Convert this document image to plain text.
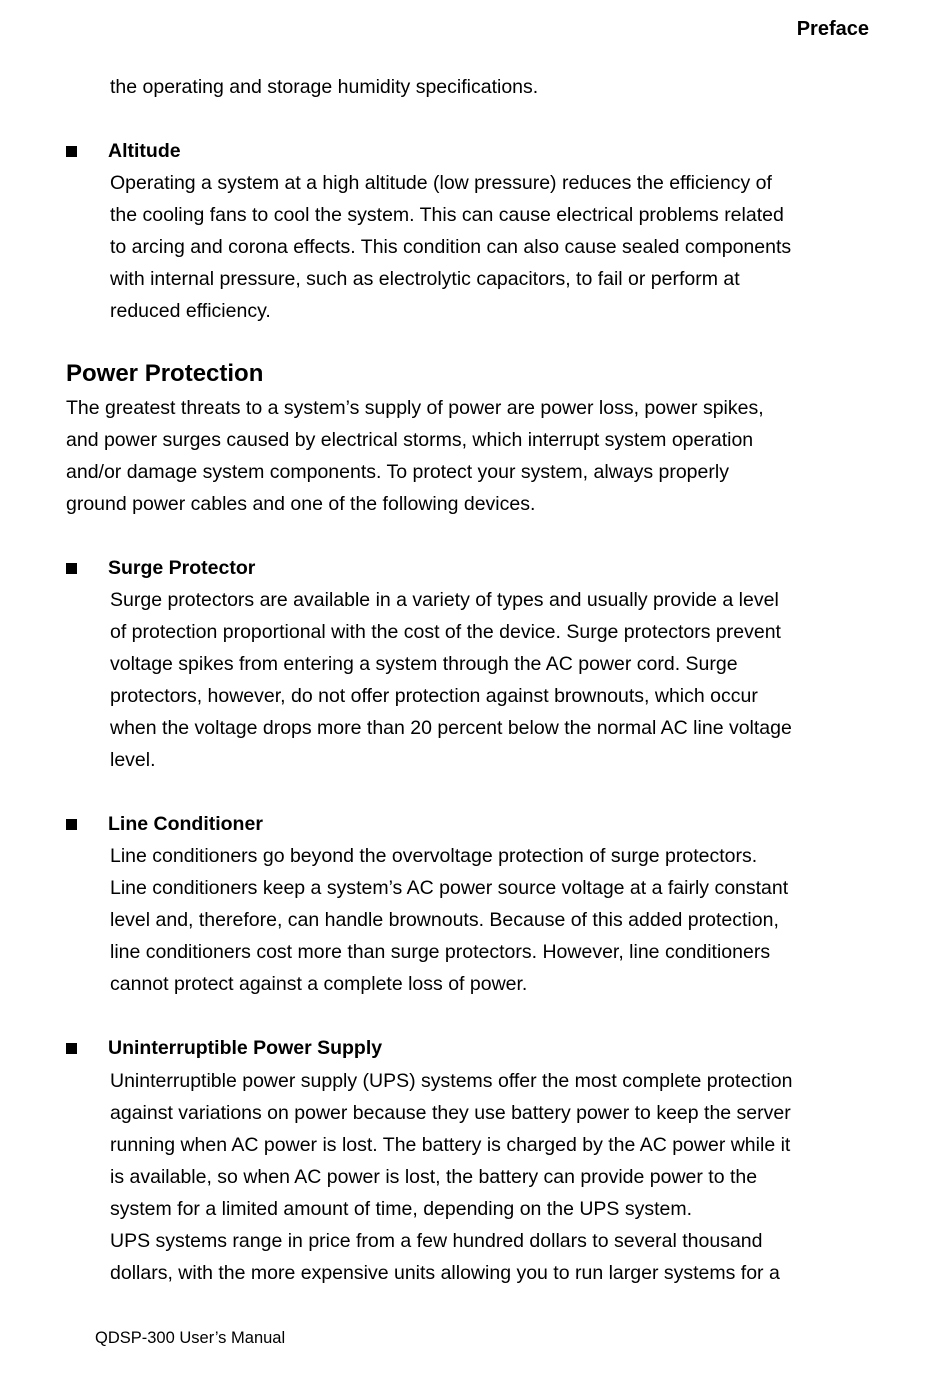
Preface
the operating and storage humidity specifications.
Altitude
Operating a system at a high altitude (low pressure) reduces the efficiency of
the cooling fans to cool the system. This can cause electrical problems related
to arcing and corona effects. This condition can also cause sealed components
with internal pressure, such as electrolytic capacitors, to fail or perform at
reduced efficiency.
Power Protection
The greatest threats to a system’s supply of power are power loss, power spikes,
and power surges caused by electrical storms, which interrupt system operation
and/or damage system components. To protect your system, always properly
ground power cables and one of the following devices.
Surge Protector
Surge protectors are available in a variety of types and usually provide a level
of protection proportional with the cost of the device. Surge protectors prevent
voltage spikes from entering a system through the AC power cord. Surge
protectors, however, do not offer protection against brownouts, which occur
when the voltage drops more than 20 percent below the normal AC line voltage
level.
Line Conditioner
Line conditioners go beyond the overvoltage protection of surge protectors.
Line conditioners keep a system’s AC power source voltage at a fairly constant
level and, therefore, can handle brownouts. Because of this added protection,
line conditioners cost more than surge protectors. However, line conditioners
cannot protect against a complete loss of power.
Uninterruptible Power Supply
Uninterruptible power supply (UPS) systems offer the most complete protection
against variations on power because they use battery power to keep the server
running when AC power is lost. The battery is charged by the AC power while it
is available, so when AC power is lost, the battery can provide power to the
system for a limited amount of time, depending on the UPS system.
UPS systems range in price from a few hundred dollars to several thousand
dollars, with the more expensive units allowing you to run larger systems for a
QDSP-300 User’s Manual
